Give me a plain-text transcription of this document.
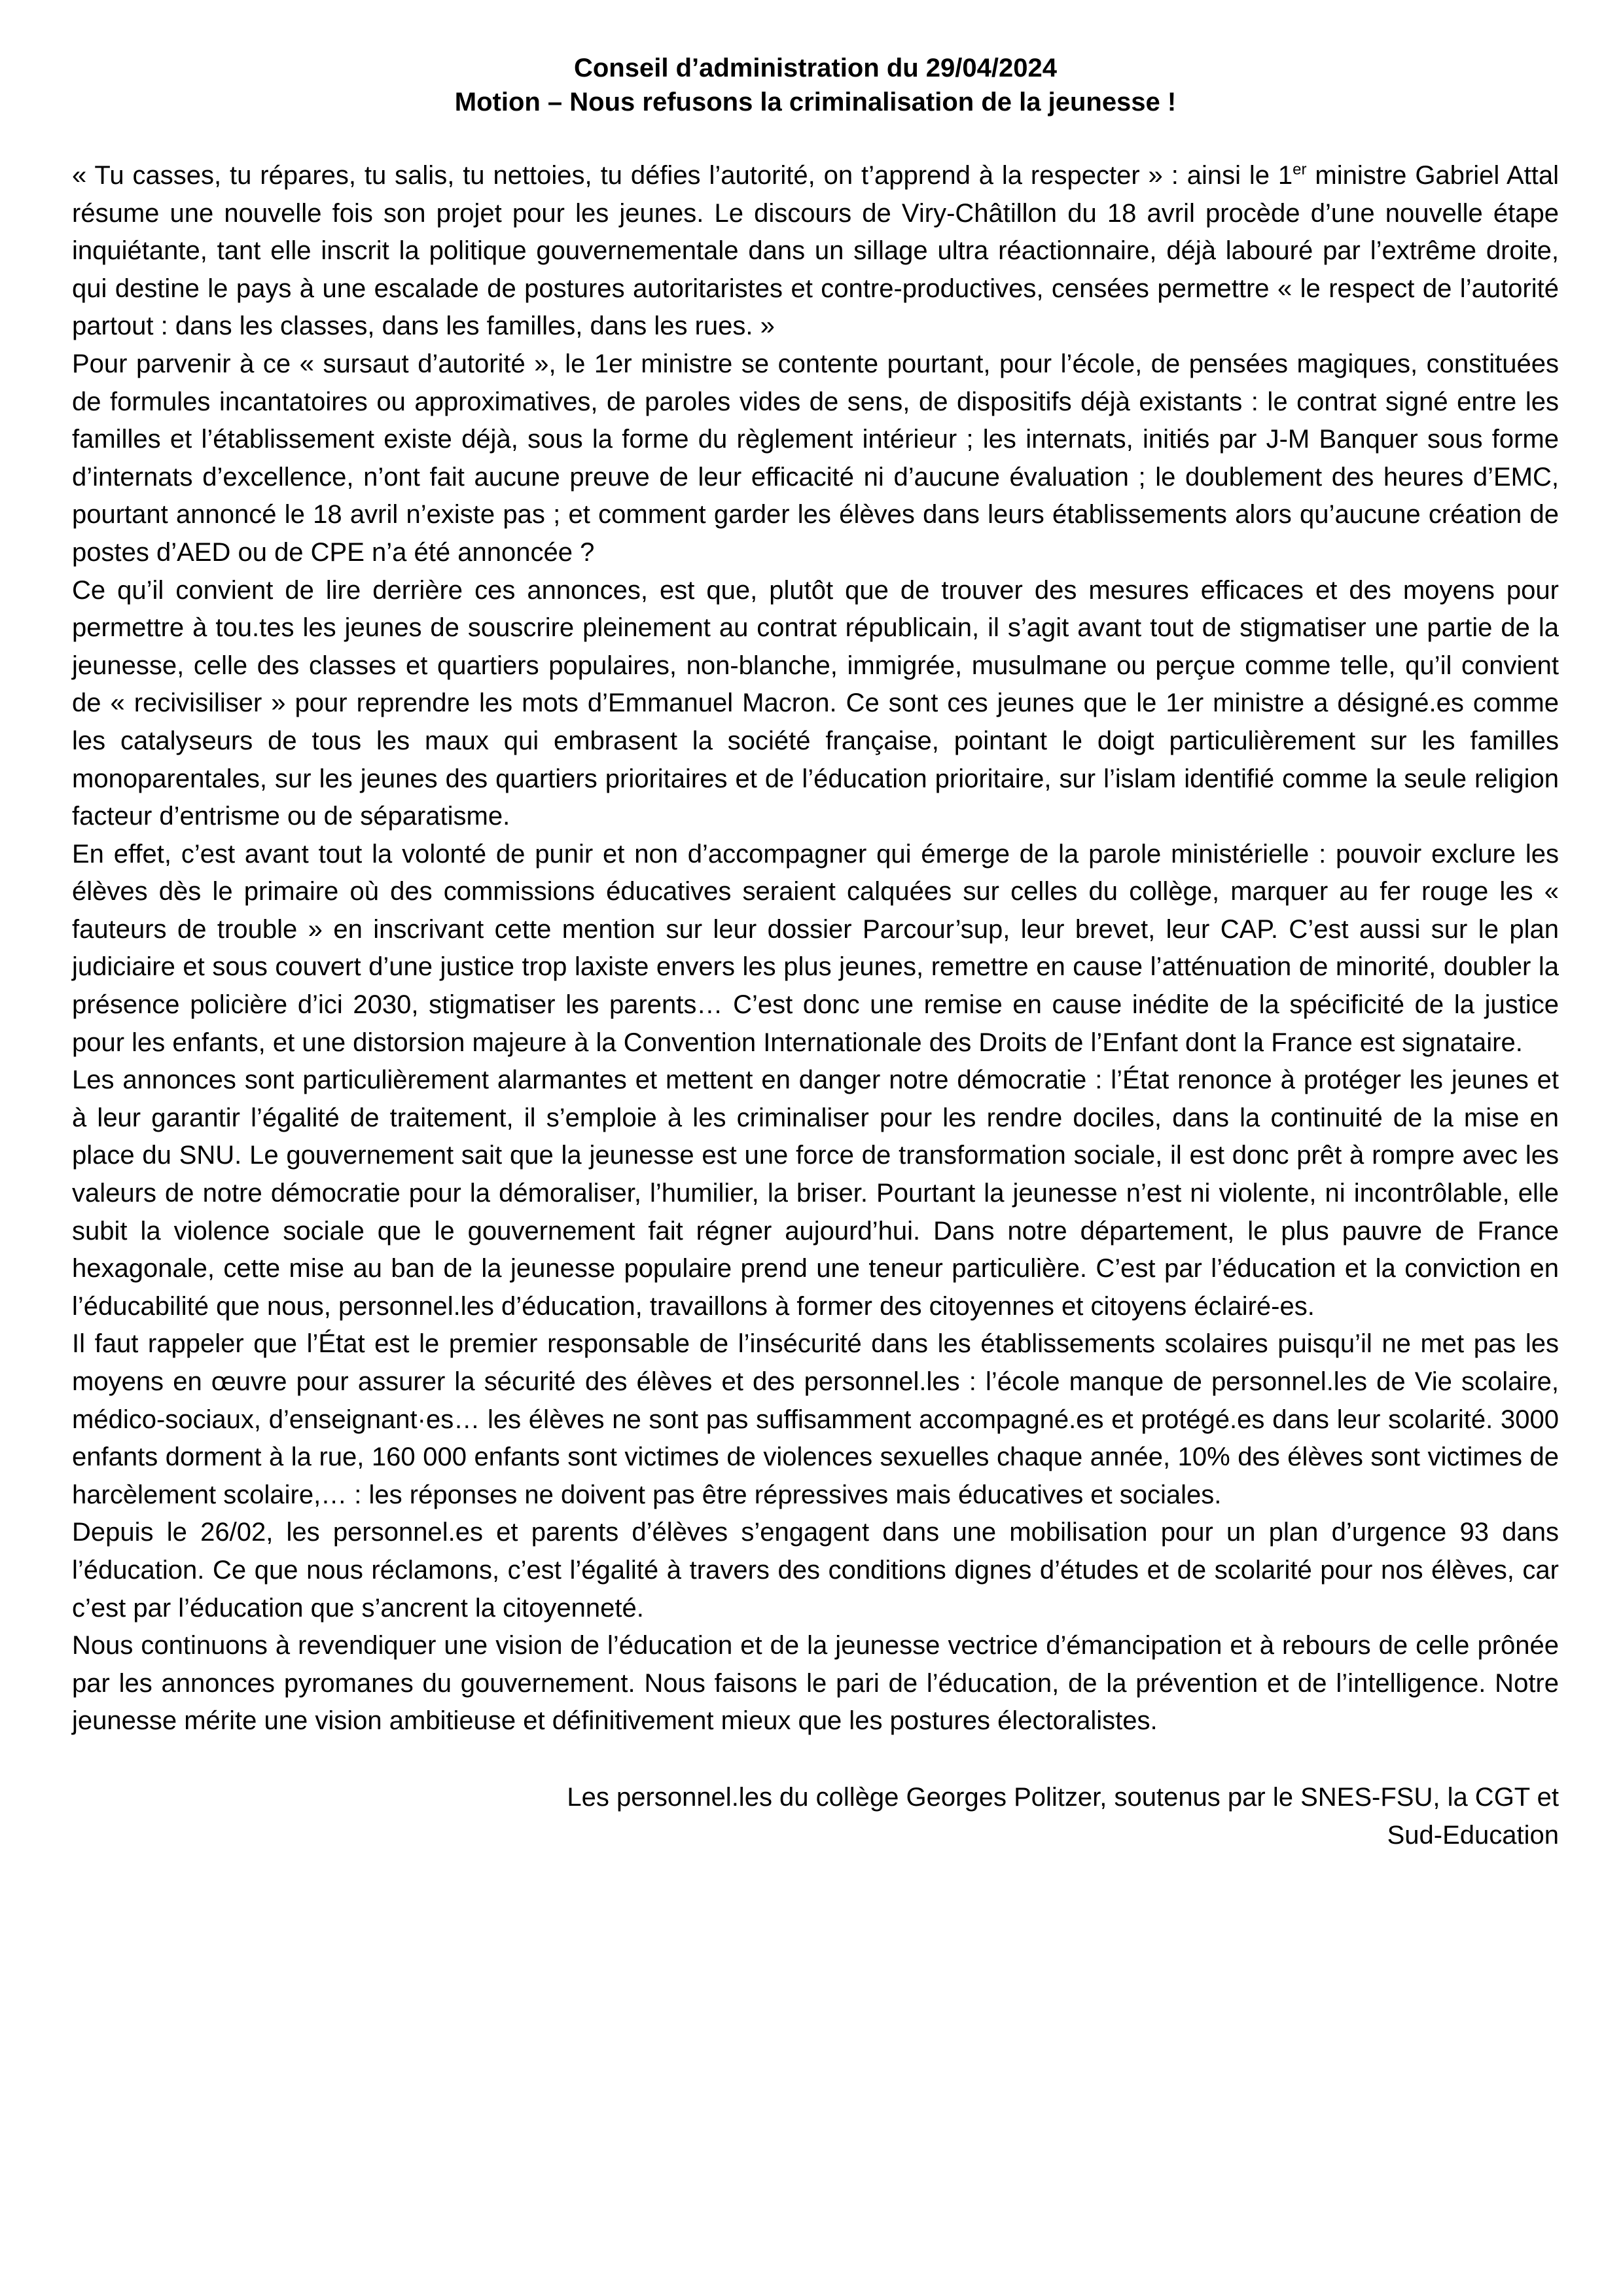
Conseil d’administration du 29/04/2024
Motion – Nous refusons la criminalisation de la jeunesse !

« Tu casses, tu répares, tu salis, tu nettoies, tu défies l’autorité, on t’apprend à la respecter » : ainsi le 1er ministre Gabriel Attal résume une nouvelle fois son projet pour les jeunes. Le discours de Viry-Châtillon du 18 avril procède d’une nouvelle étape inquiétante, tant elle inscrit la politique gouvernementale dans un sillage ultra réactionnaire, déjà labouré par l’extrême droite, qui destine le pays à une escalade de postures autoritaristes et contre-productives, censées permettre « le respect de l’autorité partout : dans les classes, dans les familles, dans les rues. »

Pour parvenir à ce « sursaut d’autorité », le 1er ministre se contente pourtant, pour l’école, de pensées magiques, constituées de formules incantatoires ou approximatives, de paroles vides de sens, de dispositifs déjà existants : le contrat signé entre les familles et l’établissement existe déjà, sous la forme du règlement intérieur ; les internats, initiés par J-M Banquer sous forme d’internats d’excellence, n’ont fait aucune preuve de leur efficacité ni d’aucune évaluation ; le doublement des heures d’EMC, pourtant annoncé le 18 avril n’existe pas ; et comment garder les élèves dans leurs établissements alors qu’aucune création de postes d’AED ou de CPE n’a été annoncée ?

Ce qu’il convient de lire derrière ces annonces, est que, plutôt que de trouver des mesures efficaces et des moyens pour permettre à tou.tes les jeunes de souscrire pleinement au contrat républicain, il s’agit avant tout de stigmatiser une partie de la jeunesse, celle des classes et quartiers populaires, non-blanche, immigrée, musulmane ou perçue comme telle, qu’il convient de « recivisiliser » pour reprendre les mots d’Emmanuel Macron. Ce sont ces jeunes que le 1er ministre a désigné.es comme les catalyseurs de tous les maux qui embrasent la société française, pointant le doigt particulièrement sur les familles monoparentales, sur les jeunes des quartiers prioritaires et de l’éducation prioritaire, sur l’islam identifié comme la seule religion facteur d’entrisme ou de séparatisme.

En effet, c’est avant tout la volonté de punir et non d’accompagner qui émerge de la parole ministérielle : pouvoir exclure les élèves dès le primaire où des commissions éducatives seraient calquées sur celles du collège, marquer au fer rouge les « fauteurs de trouble » en inscrivant cette mention sur leur dossier Parcour’sup, leur brevet, leur CAP. C’est aussi sur le plan judiciaire et sous couvert d’une justice trop laxiste envers les plus jeunes, remettre en cause l’atténuation de minorité, doubler la présence policière d’ici 2030, stigmatiser les parents… C’est donc une remise en cause inédite de la spécificité de la justice pour les enfants, et une distorsion majeure à la Convention Internationale des Droits de l’Enfant dont la France est signataire.

Les annonces sont particulièrement alarmantes et mettent en danger notre démocratie : l’État renonce à protéger les jeunes et à leur garantir l’égalité de traitement, il s’emploie à les criminaliser pour les rendre dociles, dans la continuité de la mise en place du SNU. Le gouvernement sait que la jeunesse est une force de transformation sociale, il est donc prêt à rompre avec les valeurs de notre démocratie pour la démoraliser, l’humilier, la briser. Pourtant la jeunesse n’est ni violente, ni incontrôlable, elle subit la violence sociale que le gouvernement fait régner aujourd’hui. Dans notre département, le plus pauvre de France hexagonale, cette mise au ban de la jeunesse populaire prend une teneur particulière. C’est par l’éducation et la conviction en l’éducabilité que nous, personnel.les d’éducation, travaillons à former des citoyennes et citoyens éclairé-es.

Il faut rappeler que l’État est le premier responsable de l’insécurité dans les établissements scolaires puisqu’il ne met pas les moyens en œuvre pour assurer la sécurité des élèves et des personnel.les : l’école manque de personnel.les de Vie scolaire, médico-sociaux, d’enseignant·es… les élèves ne sont pas suffisamment accompagné.es et protégé.es dans leur scolarité. 3000 enfants dorment à la rue, 160 000 enfants sont victimes de violences sexuelles chaque année, 10% des élèves sont victimes de harcèlement scolaire,… : les réponses ne doivent pas être répressives mais éducatives et sociales.

Depuis le 26/02, les personnel.es et parents d’élèves s’engagent dans une mobilisation pour un plan d’urgence 93 dans l’éducation. Ce que nous réclamons, c’est l’égalité à travers des conditions dignes d’études et de scolarité pour nos élèves, car c’est par l’éducation que s’ancrent la citoyenneté.

Nous continuons à revendiquer une vision de l’éducation et de la jeunesse vectrice d’émancipation et à rebours de celle prônée par les annonces pyromanes du gouvernement. Nous faisons le pari de l’éducation, de la prévention et de l’intelligence. Notre jeunesse mérite une vision ambitieuse et définitivement mieux que les postures électoralistes.

Les personnel.les du collège Georges Politzer, soutenus par le SNES-FSU, la CGT et
Sud-Education
